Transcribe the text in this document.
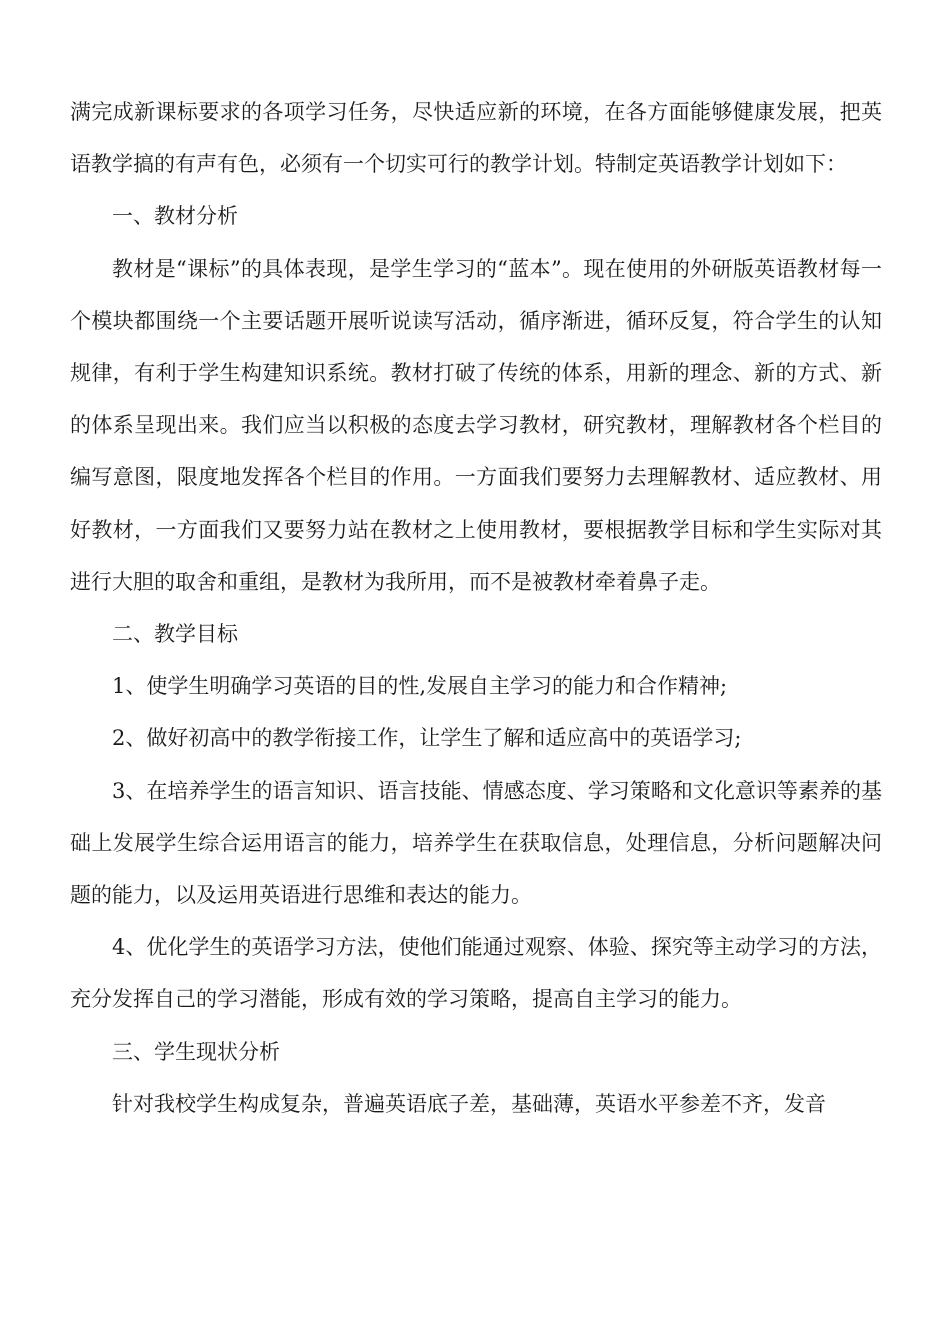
满完成新课标要求的各项学习任务，尽快适应新的环境，在各方面能够健康发展，把英语教学搞的有声有色，必须有一个切实可行的教学计划。特制定英语教学计划如下：

一、教材分析

教材是“课标”的具体表现，是学生学习的“蓝本”。现在使用的外研版英语教材每一个模块都围绕一个主要话题开展听说读写活动，循序渐进，循环反复，符合学生的认知规律，有利于学生构建知识系统。教材打破了传统的体系，用新的理念、新的方式、新的体系呈现出来。我们应当以积极的态度去学习教材，研究教材，理解教材各个栏目的编写意图，限度地发挥各个栏目的作用。一方面我们要努力去理解教材、适应教材、用好教材，一方面我们又要努力站在教材之上使用教材，要根据教学目标和学生实际对其进行大胆的取舍和重组，是教材为我所用，而不是被教材牵着鼻子走。

二、教学目标

1、使学生明确学习英语的目的性,发展自主学习的能力和合作精神;

2、做好初高中的教学衔接工作，让学生了解和适应高中的英语学习;

3、在培养学生的语言知识、语言技能、情感态度、学习策略和文化意识等素养的基础上发展学生综合运用语言的能力，培养学生在获取信息，处理信息，分析问题解决问题的能力，以及运用英语进行思维和表达的能力。

4、优化学生的英语学习方法，使他们能通过观察、体验、探究等主动学习的方法，充分发挥自己的学习潜能，形成有效的学习策略，提高自主学习的能力。

三、学生现状分析

针对我校学生构成复杂，普遍英语底子差，基础薄，英语水平参差不齐，发音
